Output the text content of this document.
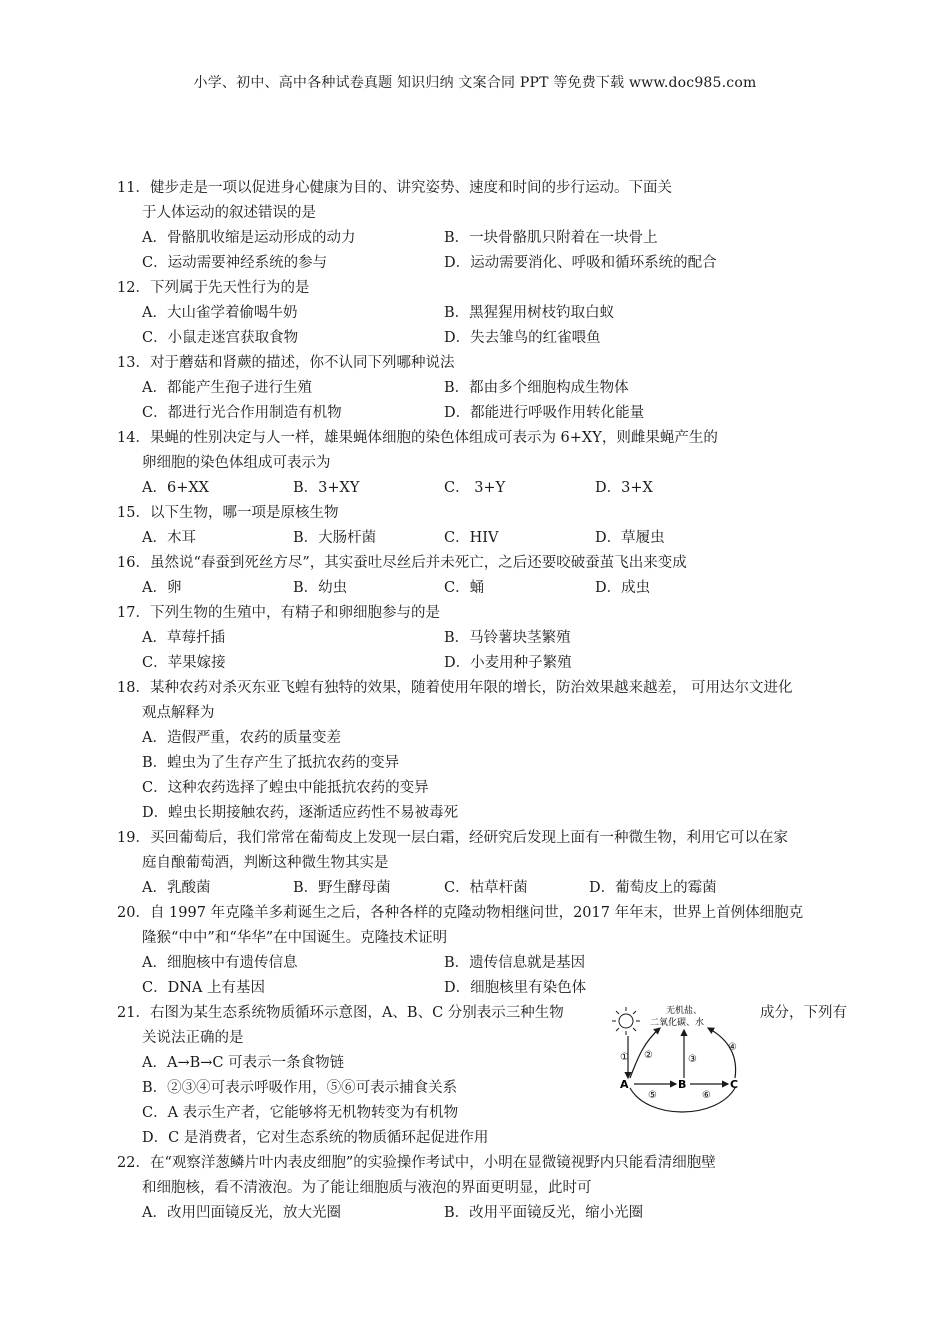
小学、初中、高中各种试卷真题 知识归纳 文案合同 PPT 等免费下载 www.doc985.com
11．健步走是一项以促进身心健康为目的、讲究姿势、速度和时间的步行运动。下面关
于人体运动的叙述错误的是
A．骨骼肌收缩是运动形成的动力	B．一块骨骼肌只附着在一块骨上
C．运动需要神经系统的参与	D．运动需要消化、呼吸和循环系统的配合
12．下列属于先天性行为的是
A．大山雀学着偷喝牛奶	B．黑猩猩用树枝钓取白蚁
C．小鼠走迷宫获取食物	D．失去雏鸟的红雀喂鱼
13．对于蘑菇和肾蕨的描述，你不认同下列哪种说法
A．都能产生孢子进行生殖	B．都由多个细胞构成生物体
C．都进行光合作用制造有机物	D．都能进行呼吸作用转化能量
14．果蝇的性别决定与人一样，雄果蝇体细胞的染色体组成可表示为 6+XY，则雌果蝇产生的
卵细胞的染色体组成可表示为
A．6+XX	B．3+XY	C． 3+Y	D．3+X
15．以下生物，哪一项是原核生物
A．木耳	B．大肠杆菌	C．HIV	D．草履虫
16．虽然说“春蚕到死丝方尽”，其实蚕吐尽丝后并未死亡，之后还要咬破蚕茧飞出来变成
A．卵	B．幼虫	C．蛹	D．成虫
17．下列生物的生殖中，有精子和卵细胞参与的是
A．草莓扦插	B．马铃薯块茎繁殖
C．苹果嫁接	D．小麦用种子繁殖
18．某种农药对杀灭东亚飞蝗有独特的效果，随着使用年限的增长，防治效果越来越差， 可用达尔文进化
观点解释为
A．造假严重，农药的质量变差
B．蝗虫为了生存产生了抵抗农药的变异
C．这种农药选择了蝗虫中能抵抗农药的变异
D．蝗虫长期接触农药，逐渐适应药性不易被毒死
19．买回葡萄后，我们常常在葡萄皮上发现一层白霜，经研究后发现上面有一种微生物，利用它可以在家
庭自酿葡萄酒，判断这种微生物其实是
A．乳酸菌	B．野生酵母菌	C．枯草杆菌	D．葡萄皮上的霉菌
20．自 1997 年克隆羊多莉诞生之后，各种各样的克隆动物相继问世，2017 年年末，世界上首例体细胞克
隆猴“中中”和“华华”在中国诞生。克隆技术证明
A．细胞核中有遗传信息	B．遗传信息就是基因
C．DNA 上有基因	D．细胞核里有染色体
21．右图为某生态系统物质循环示意图，A、B、C 分别表示三种生物	成分，下列有
关说法正确的是
A．A→B→C 可表示一条食物链
B．②③④可表示呼吸作用，⑤⑥可表示捕食关系
C．A 表示生产者，它能够将无机物转变为有机物
D．C 是消费者，它对生态系统的物质循环起促进作用
22．在“观察洋葱鳞片叶内表皮细胞”的实验操作考试中，小明在显微镜视野内只能看清细胞壁
和细胞核，看不清液泡。为了能让细胞质与液泡的界面更明显，此时可
A．改用凹面镜反光，放大光圈	B．改用平面镜反光，缩小光圈
无机盐、
二氧化碳、水
A	B	C
① ②	③
④
⑤	⑥
